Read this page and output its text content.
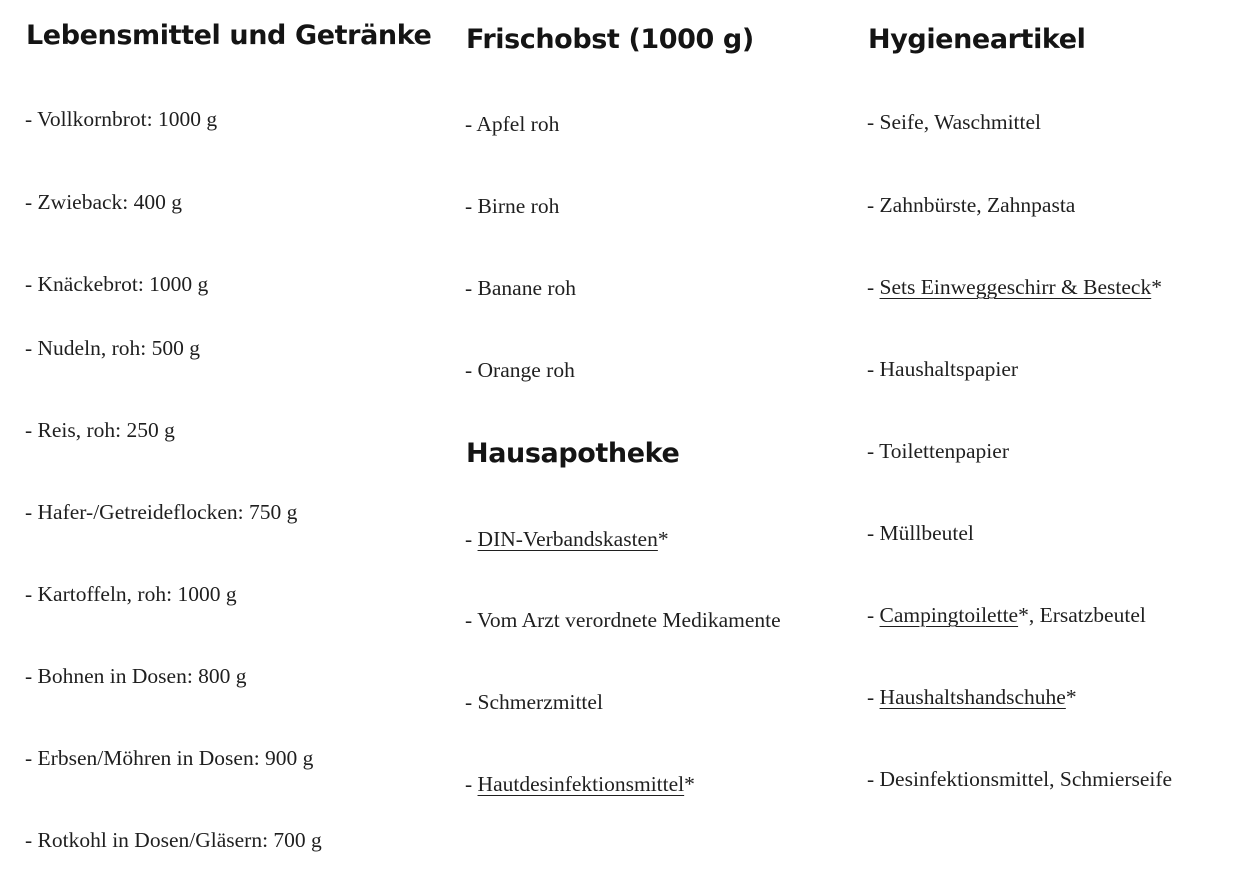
Lebensmittel und Getränke

- Vollkornbrot: 1000 g

- Zwieback: 400 g

- Knäckebrot: 1000 g

- Nudeln, roh: 500 g

- Reis, roh: 250 g

- Hafer-/Getreideflocken: 750 g

- Kartoffeln, roh: 1000 g

- Bohnen in Dosen: 800 g

- Erbsen/Möhren in Dosen: 900 g

- Rotkohl in Dosen/Gläsern: 700 g

Frischobst (1000 g)

- Apfel roh

- Birne roh

- Banane roh

- Orange roh

Hausapotheke

- DIN-Verbandskasten*

- Vom Arzt verordnete Medikamente

- Schmerzmittel

- Hautdesinfektionsmittel*

Hygieneartikel

- Seife, Waschmittel

- Zahnbürste, Zahnpasta

- Sets Einweggeschirr & Besteck*

- Haushaltspapier

- Toilettenpapier

- Müllbeutel

- Campingtoilette*, Ersatzbeutel

- Haushaltshandschuhe*

- Desinfektionsmittel, Schmierseife
